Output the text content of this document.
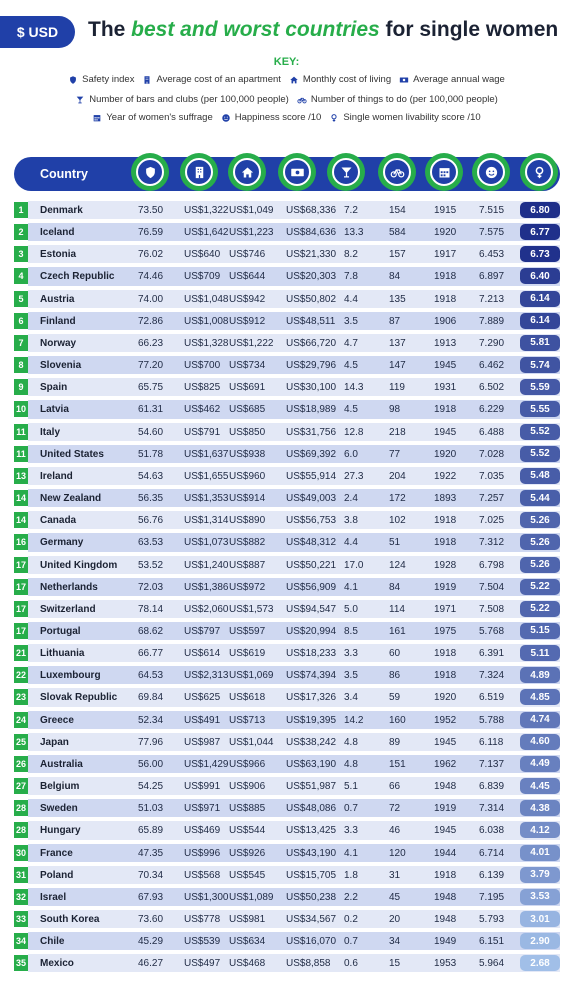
$ USD	The best and worst countries for single women
KEY:
Safety index Average cost of an apartment Monthly cost of living Average annual wage
Number of bars and clubs (per 100,000 people) Number of things to do (per 100,000 people)
Year of women's suffrage Happiness score /10 Single women livability score /10
Country
1	Denmark	73.50 US$1,322 US$1,049 US$68,336 7.2	154	1915 7.515	6.80
2	Iceland	76.59 US$1,642 US$1,223 US$84,636 13.3	584	1920 7.575	6.77
3	Estonia	76.02 US$640 US$746 US$21,330 8.2	157	1917 6.453	6.73
4	Czech Republic 74.46 US$709 US$644 US$20,303 7.8	84	1918 6.897	6.40
5	Austria	74.00 US$1,048 US$942 US$50,802 4.4	135	1918 7.213	6.14
6	Finland	72.86 US$1,008 US$912 US$48,511 3.5	87	1906 7.889	6.14
7	Norway	66.23 US$1,328 US$1,222 US$66,720 4.7	137	1913 7.290	5.81
8	Slovenia	77.20 US$700 US$734 US$29,796 4.5	147	1945 6.462	5.74
9	Spain	65.75 US$825 US$691 US$30,100 14.3	119	1931 6.502	5.59
10 Latvia	61.31 US$462 US$685 US$18,989 4.5	98	1918 6.229	5.55
11 Italy	54.60 US$791 US$850 US$31,756 12.8	218	1945 6.488	5.52
11 United States	51.78 US$1,637 US$938 US$69,392 6.0	77	1920 7.028	5.52
13 Ireland	54.63 US$1,655 US$960 US$55,914 27.3	204	1922 7.035	5.48
14 New Zealand	56.35 US$1,353 US$914 US$49,003 2.4	172	1893 7.257	5.44
14 Canada	56.76 US$1,314 US$890 US$56,753 3.8	102	1918 7.025	5.26
16 Germany	63.53 US$1,073 US$882 US$48,312 4.4	51	1918 7.312	5.26
17 United Kingdom 53.52 US$1,240 US$887 US$50,221 17.0	124	1928 6.798	5.26
17 Netherlands	72.03 US$1,386 US$972 US$56,909 4.1	84	1919 7.504	5.22
17 Switzerland	78.14 US$2,060 US$1,573 US$94,547 5.0	114	1971 7.508	5.22
17 Portugal	68.62 US$797 US$597 US$20,994 8.5	161	1975 5.768	5.15
21 Lithuania	66.77 US$614 US$619 US$18,233 3.3	60	1918 6.391	5.11
22 Luxembourg	64.53 US$2,313 US$1,069 US$74,394 3.5	86	1918 7.324	4.89
23 Slovak Republic 69.84 US$625 US$618 US$17,326 3.4	59	1920 6.519	4.85
24 Greece	52.34 US$491 US$713 US$19,395 14.2	160	1952 5.788	4.74
25 Japan	77.96 US$987 US$1,044 US$38,242 4.8	89	1945 6.118	4.60
26 Australia	56.00 US$1,429 US$966 US$63,190 4.8	151	1962 7.137	4.49
27 Belgium	54.25 US$991 US$906 US$51,987 5.1	66	1948 6.839	4.45
28 Sweden	51.03 US$971 US$885 US$48,086 0.7	72	1919 7.314	4.38
28 Hungary	65.89 US$469 US$544 US$13,425 3.3	46	1945 6.038	4.12
30 France	47.35 US$996 US$926 US$43,190 4.1	120	1944 6.714	4.01
31 Poland	70.34 US$568 US$545 US$15,705 1.8	31	1918 6.139	3.79
32 Israel	67.93 US$1,300 US$1,089 US$50,238 2.2	45	1948 7.195	3.53
33 South Korea	73.60 US$778 US$981 US$34,567 0.2	20	1948 5.793	3.01
34 Chile	45.29 US$539 US$634 US$16,070 0.7	34	1949 6.151	2.90
35 Mexico	46.27 US$497 US$468 US$8,858 0.6	15	1953 5.964	2.68
